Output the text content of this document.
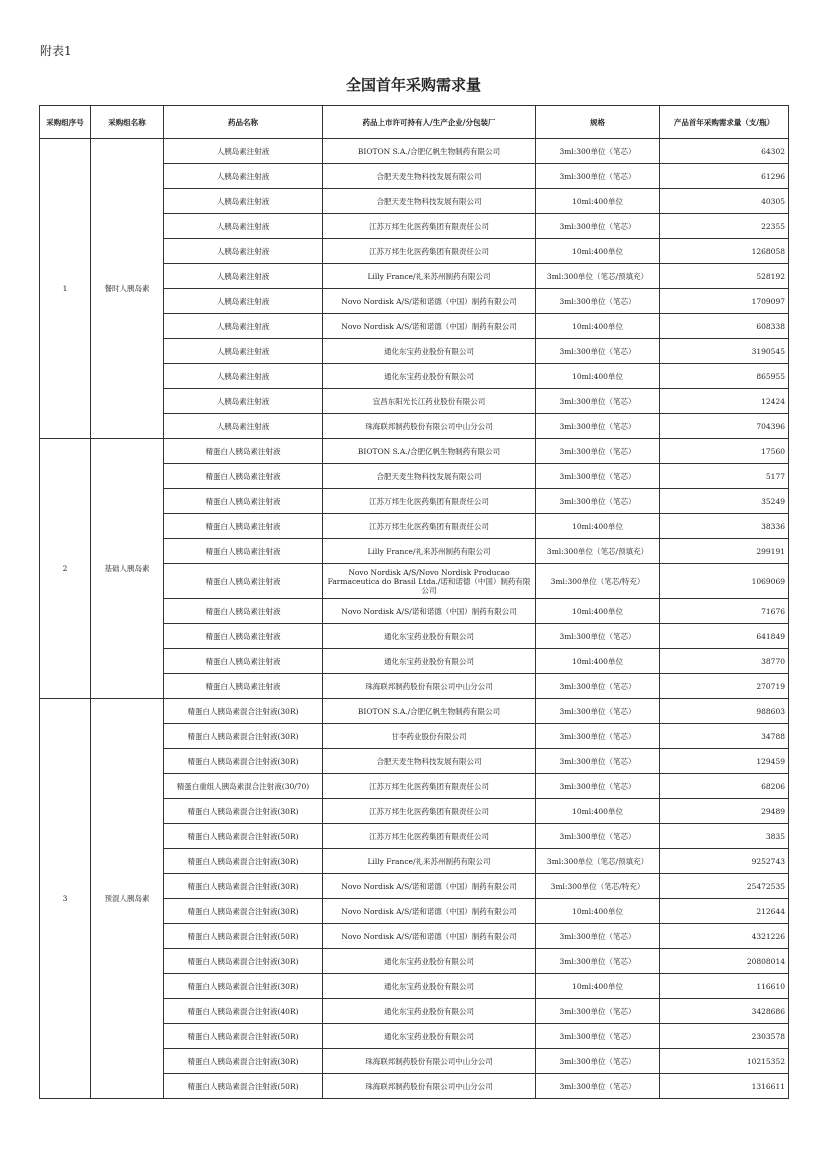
附表1
全国首年采购需求量
采购组序号	采购组名称	药品名称	药品上市许可持有人/生产企业/分包装厂	规格	产品首年采购需求量（支/瓶）
1	餐时人胰岛素	人胰岛素注射液	BIOTON S.A./合肥亿帆生物制药有限公司	3ml:300单位（笔芯）	64302
		人胰岛素注射液	合肥天麦生物科技发展有限公司	3ml:300单位（笔芯）	61296
		人胰岛素注射液	合肥天麦生物科技发展有限公司	10ml:400单位	40305
		人胰岛素注射液	江苏万邦生化医药集团有限责任公司	3ml:300单位（笔芯）	22355
		人胰岛素注射液	江苏万邦生化医药集团有限责任公司	10ml:400单位	1268058
		人胰岛素注射液	Lilly France/礼来苏州制药有限公司	3ml:300单位（笔芯/预填充）	528192
		人胰岛素注射液	Novo Nordisk A/S/诺和诺德（中国）制药有限公司	3ml:300单位（笔芯）	1709097
		人胰岛素注射液	Novo Nordisk A/S/诺和诺德（中国）制药有限公司	10ml:400单位	608338
		人胰岛素注射液	通化东宝药业股份有限公司	3ml:300单位（笔芯）	3190545
		人胰岛素注射液	通化东宝药业股份有限公司	10ml:400单位	865955
		人胰岛素注射液	宜昌东阳光长江药业股份有限公司	3ml:300单位（笔芯）	12424
		人胰岛素注射液	珠海联邦制药股份有限公司中山分公司	3ml:300单位（笔芯）	704396
2	基础人胰岛素	精蛋白人胰岛素注射液	BIOTON S.A./合肥亿帆生物制药有限公司	3ml:300单位（笔芯）	17560
		精蛋白人胰岛素注射液	合肥天麦生物科技发展有限公司	3ml:300单位（笔芯）	5177
		精蛋白人胰岛素注射液	江苏万邦生化医药集团有限责任公司	3ml:300单位（笔芯）	35249
		精蛋白人胰岛素注射液	江苏万邦生化医药集团有限责任公司	10ml:400单位	38336
		精蛋白人胰岛素注射液	Lilly France/礼来苏州制药有限公司	3ml:300单位（笔芯/预填充）	299191
		精蛋白人胰岛素注射液	Novo Nordisk A/S/Novo Nordisk Producao Farmaceutica do Brasil Ltda./诺和诺德（中国）制药有限公司	3ml:300单位（笔芯/特充）	1069069
		精蛋白人胰岛素注射液	Novo Nordisk A/S/诺和诺德（中国）制药有限公司	10ml:400单位	71676
		精蛋白人胰岛素注射液	通化东宝药业股份有限公司	3ml:300单位（笔芯）	641849
		精蛋白人胰岛素注射液	通化东宝药业股份有限公司	10ml:400单位	38770
		精蛋白人胰岛素注射液	珠海联邦制药股份有限公司中山分公司	3ml:300单位（笔芯）	270719
3	预混人胰岛素	精蛋白人胰岛素混合注射液(30R)	BIOTON S.A./合肥亿帆生物制药有限公司	3ml:300单位（笔芯）	988603
		精蛋白人胰岛素混合注射液(30R)	甘李药业股份有限公司	3ml:300单位（笔芯）	34788
		精蛋白人胰岛素混合注射液(30R)	合肥天麦生物科技发展有限公司	3ml:300单位（笔芯）	129459
		精蛋白重组人胰岛素混合注射液(30/70)	江苏万邦生化医药集团有限责任公司	3ml:300单位（笔芯）	68206
		精蛋白人胰岛素混合注射液(30R)	江苏万邦生化医药集团有限责任公司	10ml:400单位	29489
		精蛋白人胰岛素混合注射液(50R)	江苏万邦生化医药集团有限责任公司	3ml:300单位（笔芯）	3835
		精蛋白人胰岛素混合注射液(30R)	Lilly France/礼来苏州制药有限公司	3ml:300单位（笔芯/预填充）	9252743
		精蛋白人胰岛素混合注射液(30R)	Novo Nordisk A/S/诺和诺德（中国）制药有限公司	3ml:300单位（笔芯/特充）	25472535
		精蛋白人胰岛素混合注射液(30R)	Novo Nordisk A/S/诺和诺德（中国）制药有限公司	10ml:400单位	212644
		精蛋白人胰岛素混合注射液(50R)	Novo Nordisk A/S/诺和诺德（中国）制药有限公司	3ml:300单位（笔芯）	4321226
		精蛋白人胰岛素混合注射液(30R)	通化东宝药业股份有限公司	3ml:300单位（笔芯）	20808014
		精蛋白人胰岛素混合注射液(30R)	通化东宝药业股份有限公司	10ml:400单位	116610
		精蛋白人胰岛素混合注射液(40R)	通化东宝药业股份有限公司	3ml:300单位（笔芯）	3428686
		精蛋白人胰岛素混合注射液(50R)	通化东宝药业股份有限公司	3ml:300单位（笔芯）	2303578
		精蛋白人胰岛素混合注射液(30R)	珠海联邦制药股份有限公司中山分公司	3ml:300单位（笔芯）	10215352
		精蛋白人胰岛素混合注射液(50R)	珠海联邦制药股份有限公司中山分公司	3ml:300单位（笔芯）	1316611
